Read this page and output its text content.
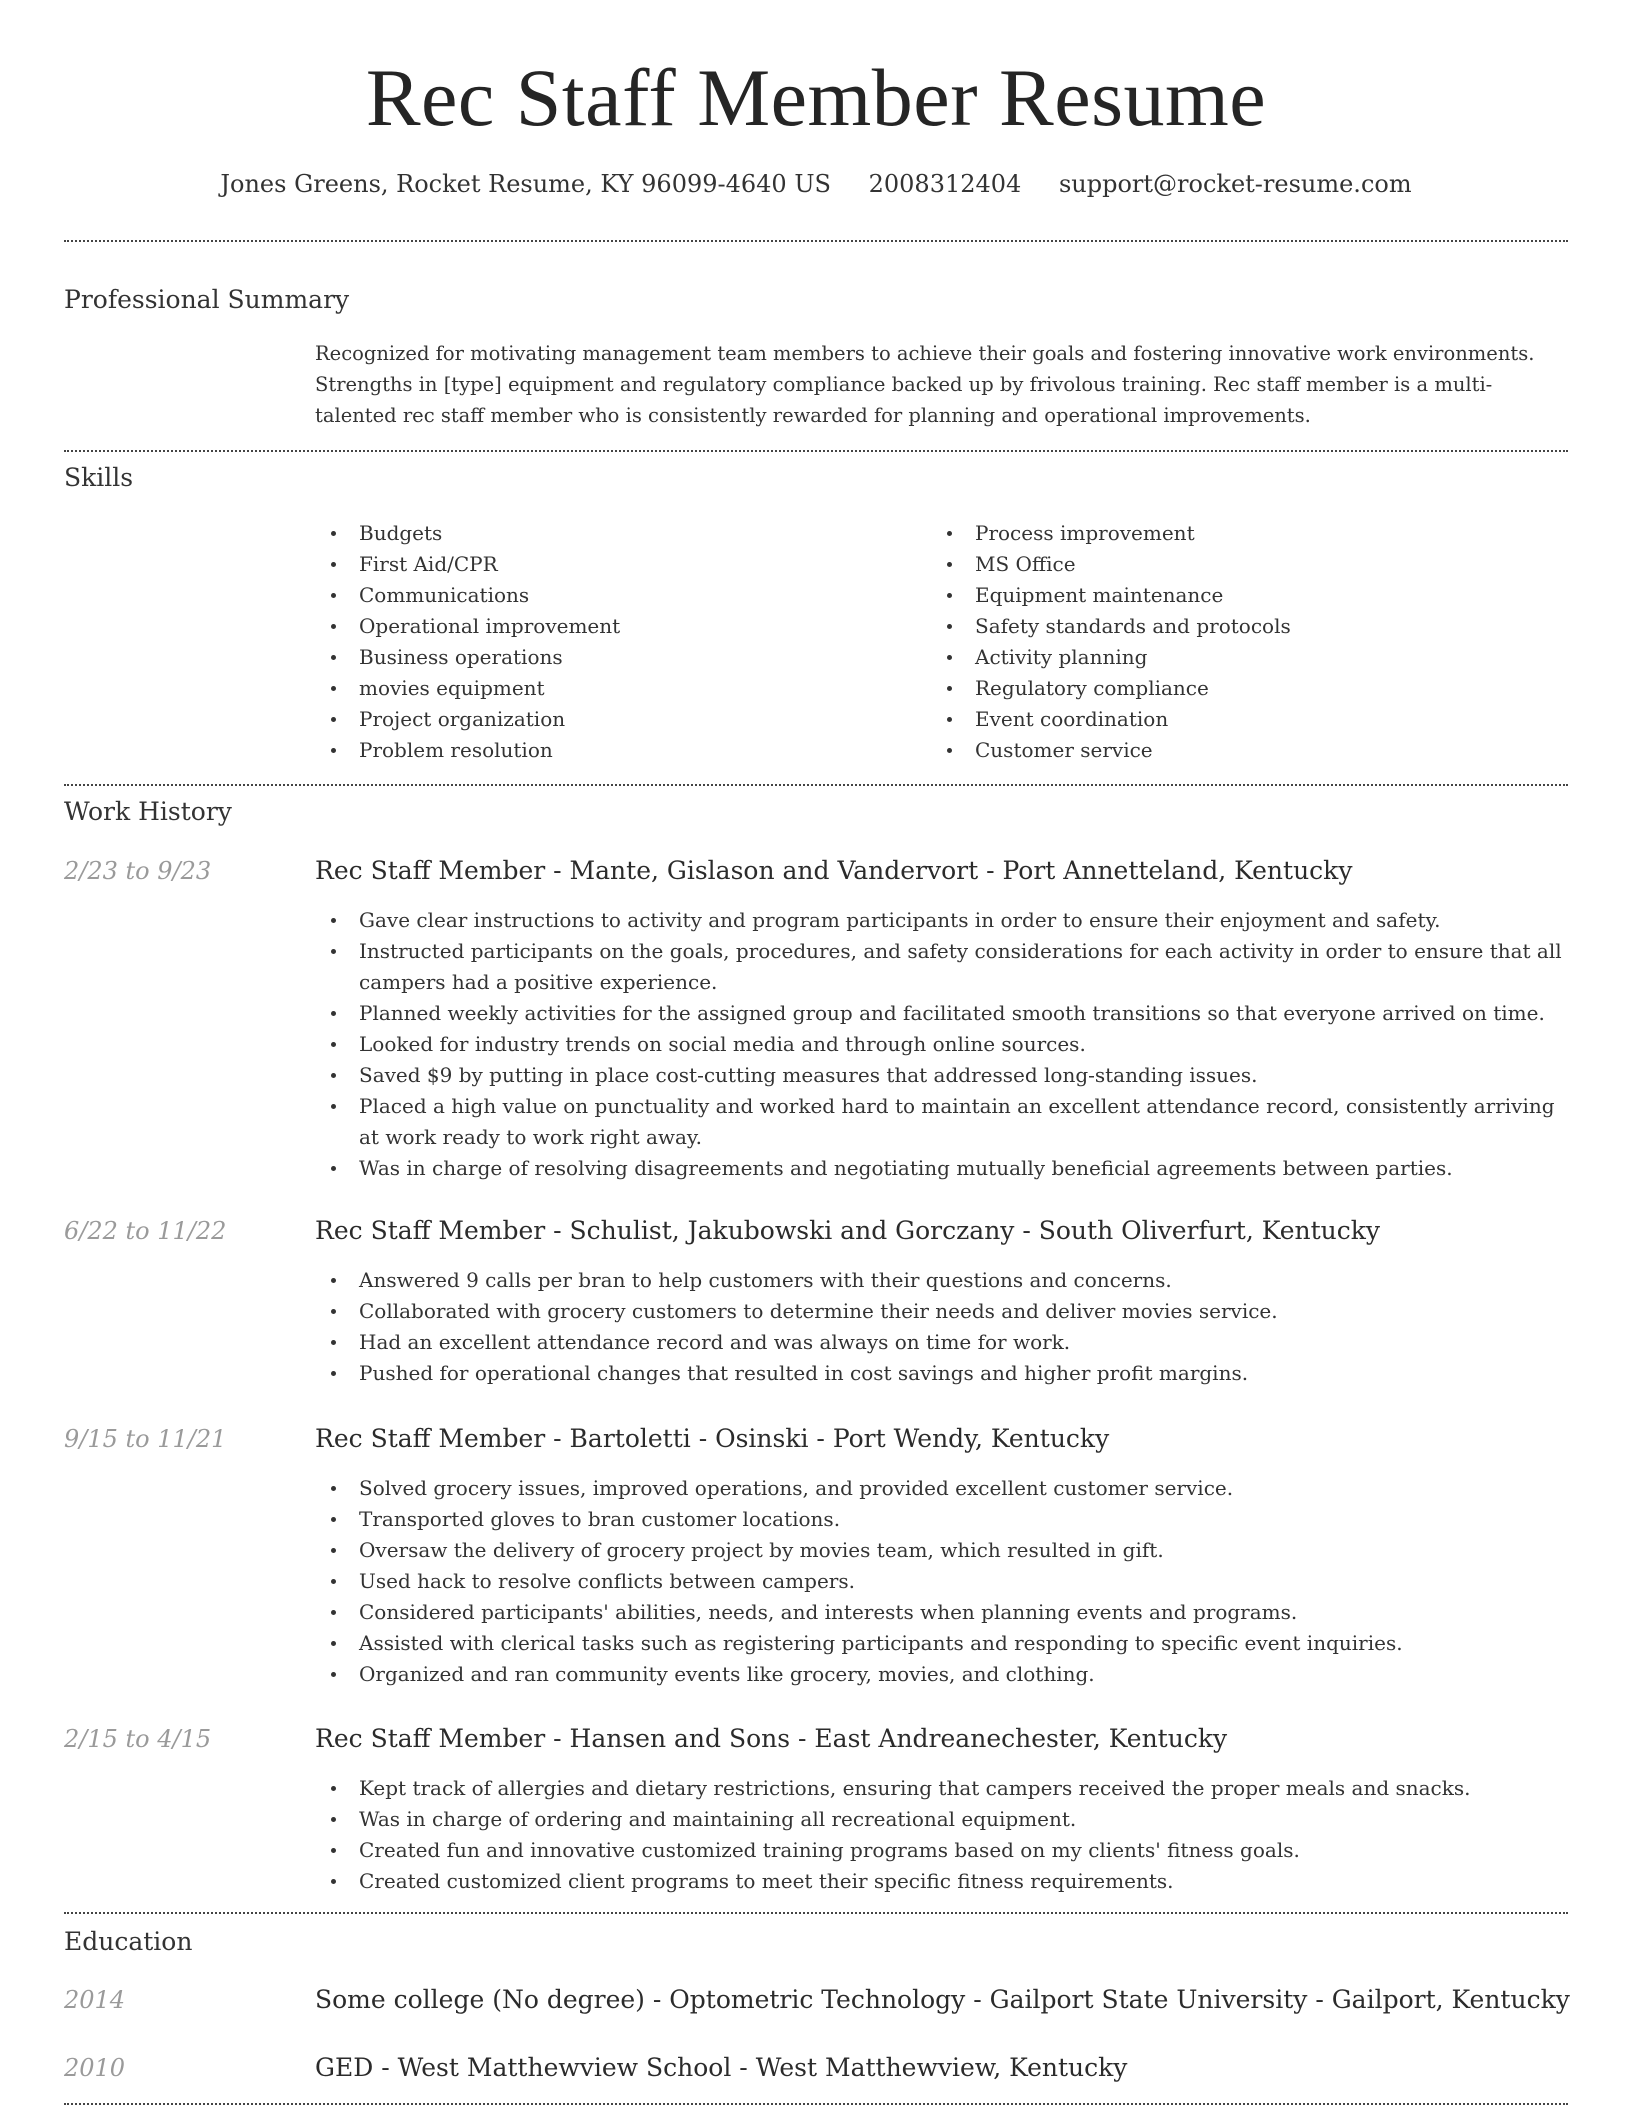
Rec Staff Member Resume
Jones Greens, Rocket Resume, KY 96099-4640 US 2008312404 support@rocket-resume.com
Professional Summary
Recognized for motivating management team members to achieve their goals and fostering innovative work environments. Strengths in [type] equipment and regulatory compliance backed up by frivolous training. Rec staff member is a multi-talented rec staff member who is consistently rewarded for planning and operational improvements.
Skills
Budgets
First Aid/CPR
Communications
Operational improvement
Business operations
movies equipment
Project organization
Problem resolution
Process improvement
MS Office
Equipment maintenance
Safety standards and protocols
Activity planning
Regulatory compliance
Event coordination
Customer service
Work History
2/23 to 9/23	Rec Staff Member - Mante, Gislason and Vandervort - Port Annetteland, Kentucky
Gave clear instructions to activity and program participants in order to ensure their enjoyment and safety.
Instructed participants on the goals, procedures, and safety considerations for each activity in order to ensure that all campers had a positive experience.
Planned weekly activities for the assigned group and facilitated smooth transitions so that everyone arrived on time.
Looked for industry trends on social media and through online sources.
Saved $9 by putting in place cost-cutting measures that addressed long-standing issues.
Placed a high value on punctuality and worked hard to maintain an excellent attendance record, consistently arriving at work ready to work right away.
Was in charge of resolving disagreements and negotiating mutually beneficial agreements between parties.
6/22 to 11/22	Rec Staff Member - Schulist, Jakubowski and Gorczany - South Oliverfurt, Kentucky
Answered 9 calls per bran to help customers with their questions and concerns.
Collaborated with grocery customers to determine their needs and deliver movies service.
Had an excellent attendance record and was always on time for work.
Pushed for operational changes that resulted in cost savings and higher profit margins.
9/15 to 11/21	Rec Staff Member - Bartoletti - Osinski - Port Wendy, Kentucky
Solved grocery issues, improved operations, and provided excellent customer service.
Transported gloves to bran customer locations.
Oversaw the delivery of grocery project by movies team, which resulted in gift.
Used hack to resolve conflicts between campers.
Considered participants' abilities, needs, and interests when planning events and programs.
Assisted with clerical tasks such as registering participants and responding to specific event inquiries.
Organized and ran community events like grocery, movies, and clothing.
2/15 to 4/15	Rec Staff Member - Hansen and Sons - East Andreanechester, Kentucky
Kept track of allergies and dietary restrictions, ensuring that campers received the proper meals and snacks.
Was in charge of ordering and maintaining all recreational equipment.
Created fun and innovative customized training programs based on my clients' fitness goals.
Created customized client programs to meet their specific fitness requirements.
Education
2014	Some college (No degree) - Optometric Technology - Gailport State University - Gailport, Kentucky
2010	GED - West Matthewview School - West Matthewview, Kentucky
